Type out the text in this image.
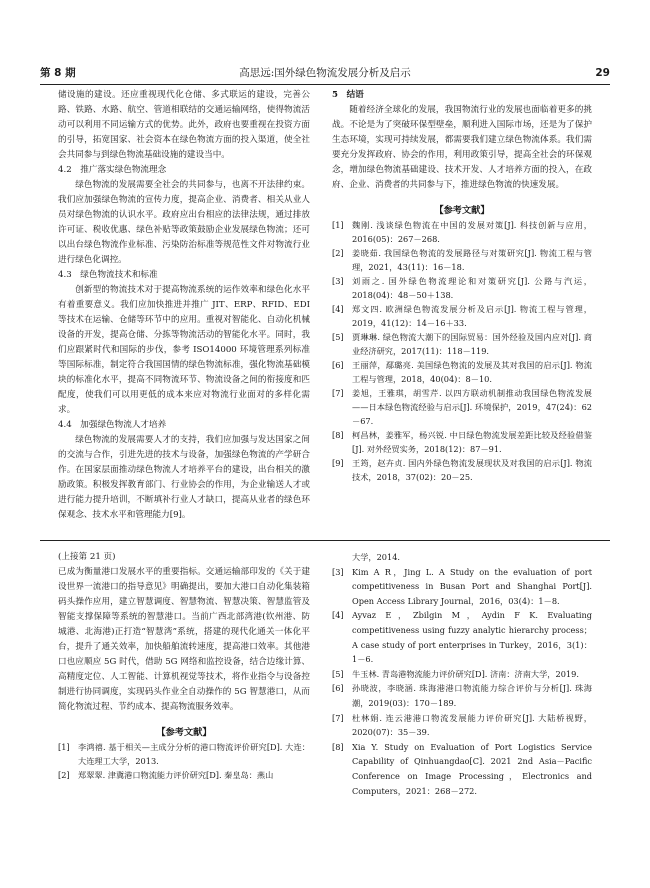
第 8 期	高思远:国外绿色物流发展分析及启示	29

储设施的建设。还应重视现代化仓储、多式联运的建设，完善公路、铁路、水路、航空、管道相联结的交通运输网络，使得物流活动可以利用不同运输方式的优势。此外，政府也要重视在投资方面的引导，拓宽国家、社会资本在绿色物流方面的投入渠道，使全社会共同参与到绿色物流基础设施的建设当中。

4.2　推广落实绿色物流理念

绿色物流的发展需要全社会的共同参与，也离不开法律约束。我们应加强绿色物流的宣传力度，提高企业、消费者、相关从业人员对绿色物流的认识水平。政府应出台相应的法律法规，通过排放许可证、税收优惠、绿色补贴等政策鼓励企业发展绿色物流；还可以出台绿色物流作业标准、污染防治标准等规范性文件对物流行业进行绿色化调控。

4.3　绿色物流技术和标准

创新型的物流技术对于提高物流系统的运作效率和绿色化水平有着重要意义。我们应加快推进并推广 JIT、ERP、RFID、EDI 等技术在运输、仓储等环节中的应用。重视对智能化、自动化机械设备的开发，提高仓储、分拣等物流活动的智能化水平。同时，我们应跟紧时代和国际的步伐，参考 ISO14000 环境管理系列标准等国际标准，制定符合我国国情的绿色物流标准，强化物流基础模块的标准化水平，提高不同物流环节、物流设备之间的衔接度和匹配度，使我们可以用更低的成本来应对物流行业面对的多样化需求。

4.4　加强绿色物流人才培养

绿色物流的发展需要人才的支持，我们应加强与发达国家之间的交流与合作，引进先进的技术与设备，加强绿色物流的产学研合作。在国家层面推动绿色物流人才培养平台的建设，出台相关的激励政策。积极发挥教育部门、行业协会的作用，为企业输送人才或进行能力提升培训，不断填补行业人才缺口，提高从业者的绿色环保观念、技术水平和管理能力[9]。

5　结语

随着经济全球化的发展，我国物流行业的发展也面临着更多的挑战。不论是为了突破环保型壁垒，顺利进入国际市场，还是为了保护生态环境，实现可持续发展，都需要我们建立绿色物流体系。我们需要充分发挥政府、协会的作用，利用政策引导，提高全社会的环保观念，增加绿色物流基础建设、技术开发、人才培养方面的投入，在政府、企业、消费者的共同参与下，推进绿色物流的快速发展。

【参考文献】

[1]	魏刚. 浅谈绿色物流在中国的发展对策[J]. 科技创新与应用，2016(05)：267－268.
[2]	姜晓茹. 我国绿色物流的发展路径与对策研究[J]. 物流工程与管理，2021，43(11)：16－18.
[3]	刘雨之. 国外绿色物流理论和对策研究[J]. 公路与汽运，2018(04)：48－50＋138.
[4]	郑文四. 欧洲绿色物流发展分析及启示[J]. 物流工程与管理，2019，41(12)：14－16＋33.
[5]	贾琳琳. 绿色物流大潮下的国际贸易：国外经验及国内应对[J]. 商业经济研究，2017(11)：118－119.
[6]	王丽萍，鄢璐亮. 美国绿色物流的发展及其对我国的启示[J]. 物流工程与管理，2018，40(04)：8－10.
[7]	姜旭，王雅琪，胡雪芹. 以四方联动机制推动我国绿色物流发展——日本绿色物流经验与启示[J]. 环境保护，2019，47(24)：62－67.
[8]	柯昌林，姜雅军，杨兴锐. 中日绿色物流发展差距比较及经验借鉴[J]. 对外经贸实务，2018(12)：87－91.
[9]	王筠，赵卉贞. 国内外绿色物流发展现状及对我国的启示[J]. 物流技术，2018，37(02)：20－25.

(上接第 21 页)

已成为衡量港口发展水平的重要指标。交通运输部印发的《关于建设世界一流港口的指导意见》明确提出，要加大港口自动化集装箱码头操作应用，建立智慧调度、智慧物流、智慧决策、智慧监管及智能支撑保障等系统的智慧港口。当前广西北部湾港(钦州港、防城港、北海港)正打造“智慧湾”系统，搭建的现代化通关一体化平台，提升了通关效率，加快船舶流转速度，提高港口效率。其他港口也应顺应 5G 时代，借助 5G 网络和监控设备，结合边缘计算、高精度定位、人工智能、计算机视觉等技术，将作业指令与设备控制进行协同调度，实现码头作业全自动操作的 5G 智慧港口，从而简化物流过程、节约成本、提高物流服务效率。

【参考文献】

[1]	李鸿禧. 基于相关—主成分分析的港口物流评价研究[D]. 大连：大连理工大学，2013.
[2]	郑翠翠. 津冀港口物流能力评价研究[D]. 秦皇岛：燕山
大学，2014.
[3]	Kim A R，Jing L. A Study on the evaluation of port competitiveness in Busan Port and Shanghai Port[J]. Open Access Library Journal，2016，03(4)：1－8.
[4]	Ayvaz E，Zbilgin M，Aydin F K. Evaluating competitiveness using fuzzy analytic hierarchy process；A case study of port enterprises in Turkey，2016，3(1)：1－6.
[5]	牛玉林. 青岛港物流能力评价研究[D]. 济南：济南大学，2019.
[6]	孙晓波，李晓涵. 珠海港港口物流能力综合评价与分析[J]. 珠海潮，2019(03)：170－189.
[7]	杜林娟. 连云港港口物流发展能力评价研究[J]. 大陆桥视野，2020(07)：35－39.
[8]	Xia Y. Study on Evaluation of Port Logistics Service Capability of Qinhuangdao[C]. 2021 2nd Asia－Pacific Conference on Image Processing，Electronics and Computers，2021：268－272.
